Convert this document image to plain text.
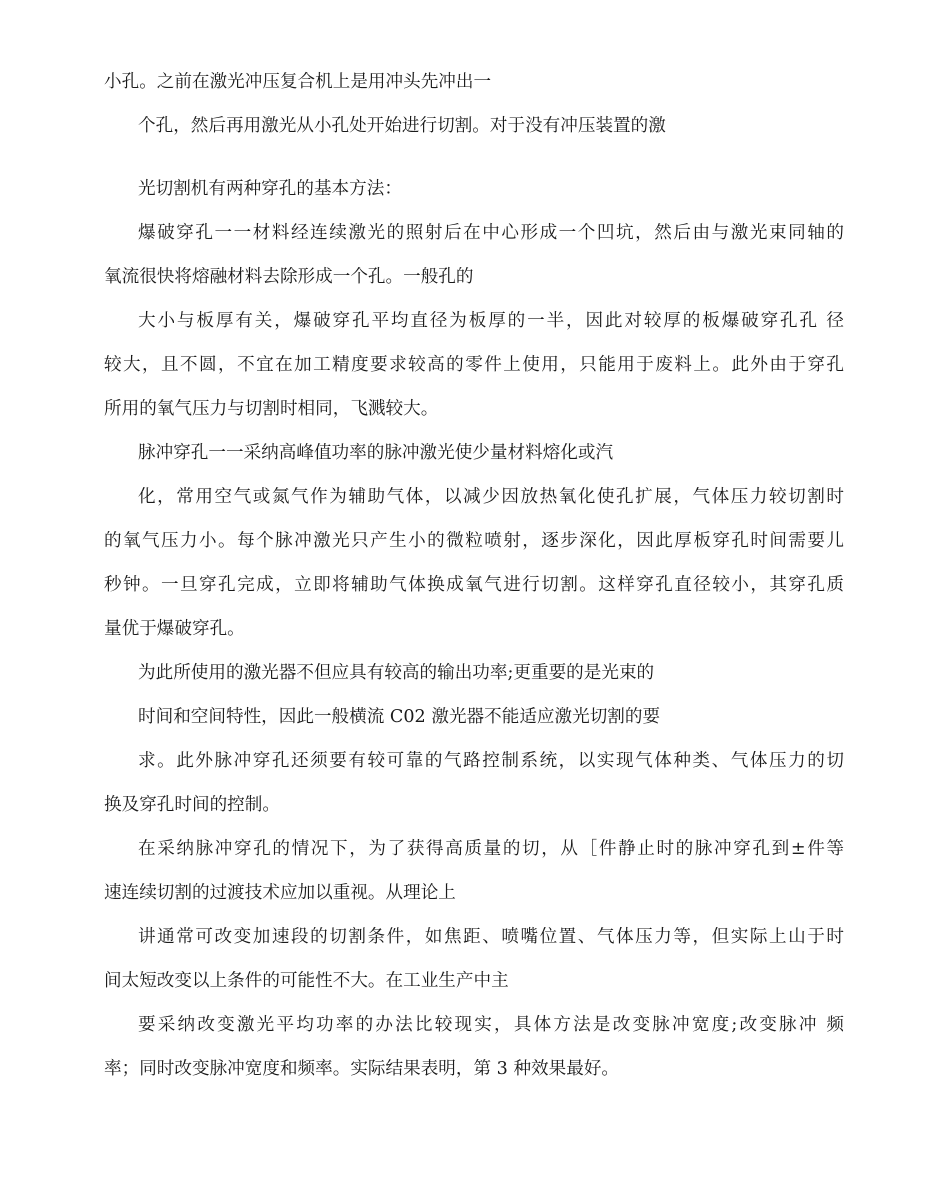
小孔。之前在激光冲压复合机上是用冲头先冲出一
个孔，然后再用激光从小孔处开始进行切割。对于没有冲压装置的激
光切割机有两种穿孔的基本方法：
爆破穿孔一一材料经连续激光的照射后在中心形成一个凹坑，然后由与激光束同轴的
氧流很快将熔融材料去除形成一个孔。一般孔的
大小与板厚有关，爆破穿孔平均直径为板厚的一半，因此对较厚的板爆破穿孔孔 径
较大，且不圆，不宜在加工精度要求较高的零件上使用，只能用于废料上。此外由于穿孔
所用的氧气压力与切割时相同，飞溅较大。
脉冲穿孔一一采纳高峰值功率的脉冲激光使少量材料熔化或汽
化，常用空气或氮气作为辅助气体，以减少因放热氧化使孔扩展，气体压力较切割时
的氧气压力小。每个脉冲激光只产生小的微粒喷射，逐步深化，因此厚板穿孔时间需要儿
秒钟。一旦穿孔完成，立即将辅助气体换成氧气进行切割。这样穿孔直径较小，其穿孔质
量优于爆破穿孔。
为此所使用的激光器不但应具有较高的输出功率;更重要的是光束的
时间和空间特性，因此一般横流 C02 激光器不能适应激光切割的要
求。此外脉冲穿孔还须要有较可靠的气路控制系统，以实现气体种类、气体压力的切
换及穿孔时间的控制。
在采纳脉冲穿孔的情况下，为了获得高质量的切，从［件静止时的脉冲穿孔到±件等
速连续切割的过渡技术应加以重视。从理论上
讲通常可改变加速段的切割条件，如焦距、喷嘴位置、气体压力等，但实际上山于时
间太短改变以上条件的可能性不大。在工业生产中主
要采纳改变激光平均功率的办法比较现实，具体方法是改变脉冲宽度;改变脉冲 频
率；同时改变脉冲宽度和频率。实际结果表明，第 3 种效果最好。
